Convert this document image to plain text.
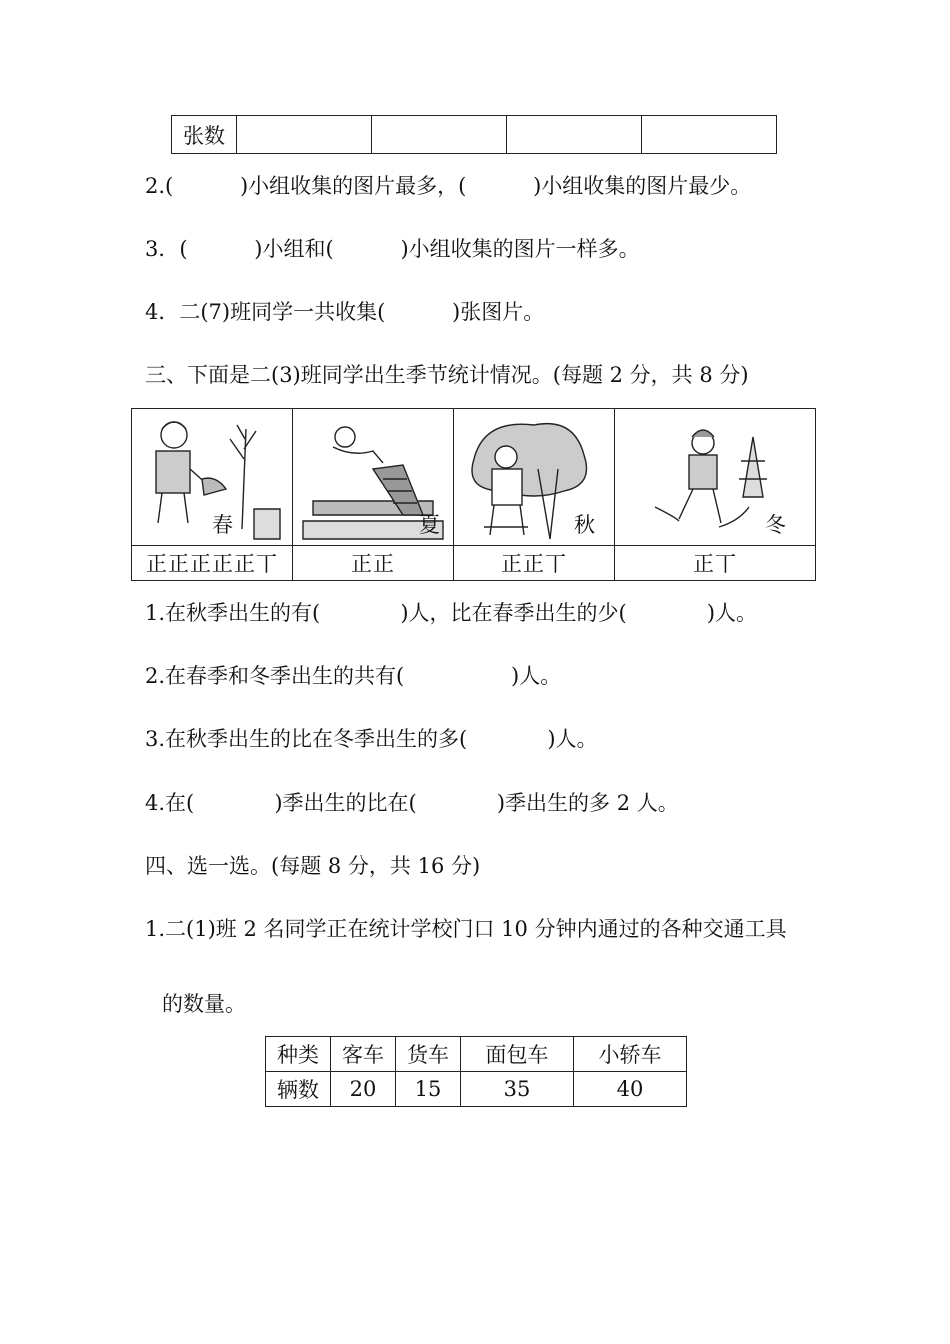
张数				
2.(          )小组收集的图片最多，(          )小组收集的图片最少。
3．(          )小组和(          )小组收集的图片一样多。
4．二(7)班同学一共收集(          )张图片。
三、下面是二(3)班同学出生季节统计情况。(每题 2 分，共 8 分)
春	夏	秋	冬

正正正正正丅	正正	正正丅	正丅
1.在秋季出生的有(            )人，比在春季出生的少(            )人。
2.在春季和冬季出生的共有(                )人。
3.在秋季出生的比在冬季出生的多(            )人。
4.在(            )季出生的比在(            )季出生的多 2 人。
四、选一选。(每题 8 分，共 16 分)
1.二(1)班 2 名同学正在统计学校门口 10 分钟内通过的各种交通工具
的数量。
种类	客车	货车	面包车	小轿车
辆数	20	15	35	40
